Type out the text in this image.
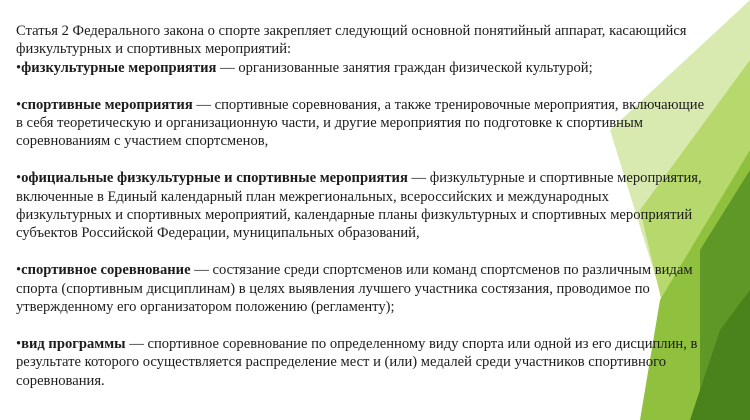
Статья 2 Федерального закона о спорте закрепляет следующий основной понятийный аппарат, касающийся физкультурных и спортивных мероприятий:

•физкультурные мероприятия — организованные занятия граждан физической культурой;

•спортивные мероприятия — спортивные соревнования, а также тренировочные мероприятия, включающие в себя теоретическую и организационную части, и другие мероприятия по подготовке к спортивным соревнованиям с участием спортсменов,

•официальные физкультурные и спортивные мероприятия — физкультурные и спортивные мероприятия, включенные в Единый календарный план межрегиональных, всероссийских и международных физкультурных и спортивных мероприятий, календарные планы физкультурных и спортивных мероприятий субъектов Российской Федерации, муниципальных образований,

•спортивное соревнование — состязание среди спортсменов или команд спортсменов по различным видам спорта (спортивным дисциплинам) в целях выявления лучшего участника состязания, проводимое по утвержденному его организатором положению (регламенту);

•вид программы — спортивное соревнование по определенному виду спорта или одной из его дисциплин, в результате которого осуществляется распределение мест и (или) медалей среди участников спортивного соревнования.
